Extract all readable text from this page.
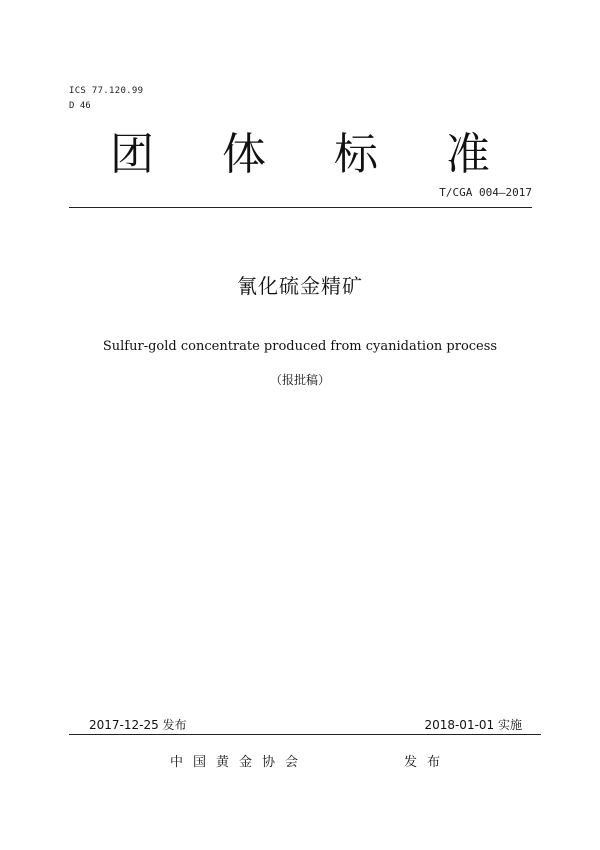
ICS 77.120.99
D 46
团	体	标	准
T/CGA 004—2017
氰化硫金精矿
Sulfur-gold concentrate produced from cyanidation process
（报批稿）
2017-12-25 发布	2018-01-01 实施
中国黄金协会	发布
